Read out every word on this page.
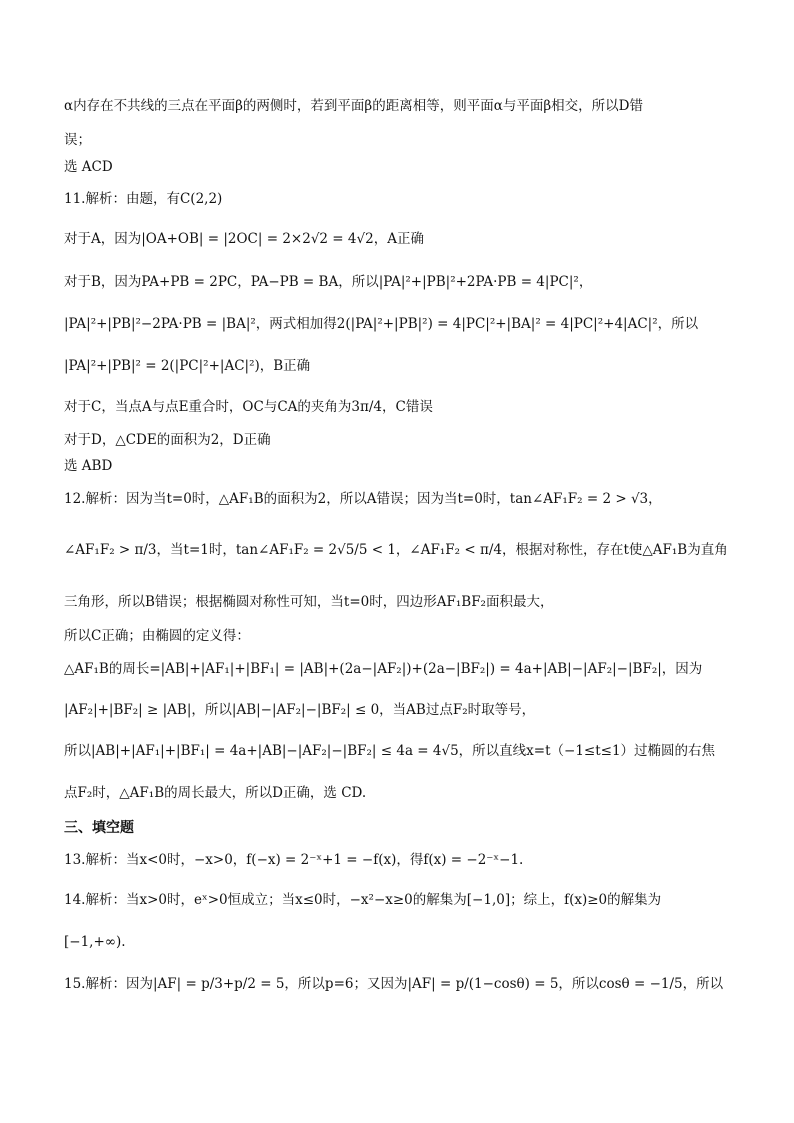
α内存在不共线的三点在平面β的两侧时，若到平面β的距离相等，则平面α与平面β相交，所以D错
误；
选 ACD
11.解析：由题，有C(2,2)
对于A，因为|OA+OB| = |2OC| = 2×2√2 = 4√2，A正确
对于B，因为PA+PB = 2PC，PA−PB = BA，所以|PA|²+|PB|²+2PA·PB = 4|PC|²，
|PA|²+|PB|²−2PA·PB = |BA|²，两式相加得2(|PA|²+|PB|²) = 4|PC|²+|BA|² = 4|PC|²+4|AC|²，所以
|PA|²+|PB|² = 2(|PC|²+|AC|²)，B正确
对于C，当点A与点E重合时，OC与CA的夹角为3π/4，C错误
对于D，△CDE的面积为2，D正确
选 ABD
12.解析：因为当t=0时，△AF₁B的面积为2，所以A错误；因为当t=0时，tan∠AF₁F₂ = 2 > √3，
∠AF₁F₂ > π/3，当t=1时，tan∠AF₁F₂ = 2√5/5 < 1，∠AF₁F₂ < π/4，根据对称性，存在t使△AF₁B为直角
三角形，所以B错误；根据椭圆对称性可知，当t=0时，四边形AF₁BF₂面积最大，
所以C正确；由椭圆的定义得：
△AF₁B的周长=|AB|+|AF₁|+|BF₁| = |AB|+(2a−|AF₂|)+(2a−|BF₂|) = 4a+|AB|−|AF₂|−|BF₂|，因为
|AF₂|+|BF₂| ≥ |AB|，所以|AB|−|AF₂|−|BF₂| ≤ 0，当AB过点F₂时取等号，
所以|AB|+|AF₁|+|BF₁| = 4a+|AB|−|AF₂|−|BF₂| ≤ 4a = 4√5，所以直线x=t（−1≤t≤1）过椭圆的右焦
点F₂时，△AF₁B的周长最大，所以D正确，选 CD.
三、填空题
13.解析：当x<0时，−x>0，f(−x) = 2⁻ˣ+1 = −f(x)，得f(x) = −2⁻ˣ−1.
14.解析：当x>0时，eˣ>0恒成立；当x≤0时，−x²−x≥0的解集为[−1,0]；综上，f(x)≥0的解集为
[−1,+∞).
15.解析：因为|AF| = p/3+p/2 = 5，所以p=6；又因为|AF| = p/(1−cosθ) = 5，所以cosθ = −1/5，所以
